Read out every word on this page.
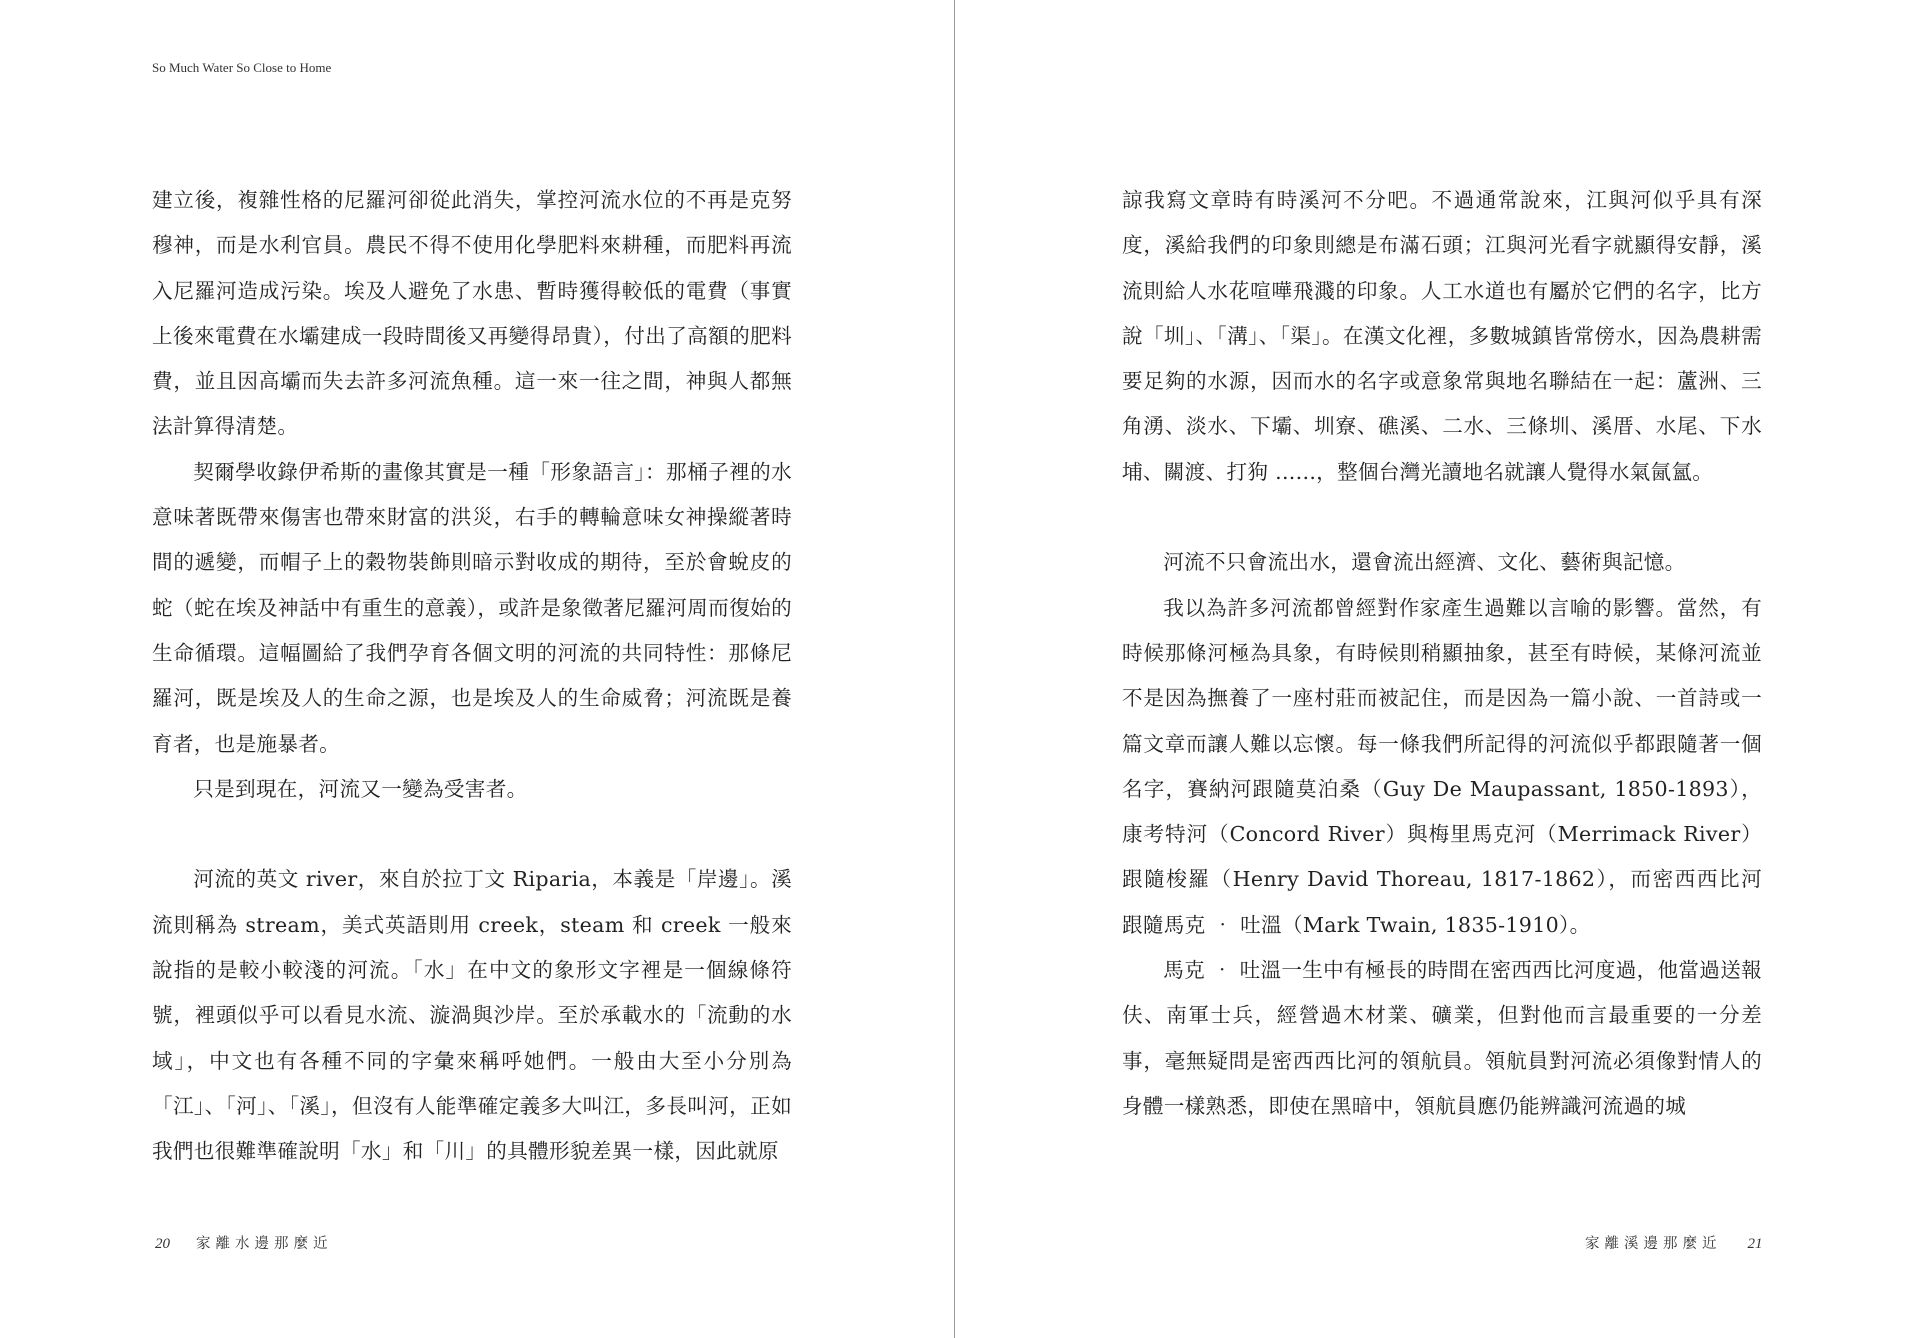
So Much Water So Close to Home

建立後，複雜性格的尼羅河卻從此消失，掌控河流水位的不再是克努穆神，而是水利官員。農民不得不使用化學肥料來耕種，而肥料再流入尼羅河造成污染。埃及人避免了水患、暫時獲得較低的電費（事實上後來電費在水壩建成一段時間後又再變得昂貴），付出了高額的肥料費，並且因高壩而失去許多河流魚種。這一來一往之間，神與人都無法計算得清楚。

契爾學收錄伊希斯的畫像其實是一種「形象語言」：那桶子裡的水意味著既帶來傷害也帶來財富的洪災，右手的轉輪意味女神操縱著時間的遞變，而帽子上的穀物裝飾則暗示對收成的期待，至於會蛻皮的蛇（蛇在埃及神話中有重生的意義），或許是象徵著尼羅河周而復始的生命循環。這幅圖給了我們孕育各個文明的河流的共同特性：那條尼羅河，既是埃及人的生命之源，也是埃及人的生命威脅；河流既是養育者，也是施暴者。

只是到現在，河流又一變為受害者。

河流的英文 river，來自於拉丁文 Riparia，本義是「岸邊」。溪流則稱為 stream，美式英語則用 creek，steam 和 creek 一般來說指的是較小較淺的河流。「水」在中文的象形文字裡是一個線條符號，裡頭似乎可以看見水流、漩渦與沙岸。至於承載水的「流動的水域」，中文也有各種不同的字彙來稱呼她們。一般由大至小分別為「江」、「河」、「溪」，但沒有人能準確定義多大叫江，多長叫河，正如我們也很難準確說明「水」和「川」的具體形貌差異一樣，因此就原

20 家離水邊那麼近

諒我寫文章時有時溪河不分吧。不過通常說來，江與河似乎具有深度，溪給我們的印象則總是布滿石頭；江與河光看字就顯得安靜，溪流則給人水花喧嘩飛濺的印象。人工水道也有屬於它們的名字，比方說「圳」、「溝」、「渠」。在漢文化裡，多數城鎮皆常傍水，因為農耕需要足夠的水源，因而水的名字或意象常與地名聯結在一起：蘆洲、三角湧、淡水、下壩、圳寮、礁溪、二水、三條圳、溪厝、水尾、下水埔、關渡、打狗 ......，整個台灣光讀地名就讓人覺得水氣氤氳。

河流不只會流出水，還會流出經濟、文化、藝術與記憶。

我以為許多河流都曾經對作家產生過難以言喻的影響。當然，有時候那條河極為具象，有時候則稍顯抽象，甚至有時候，某條河流並不是因為撫養了一座村莊而被記住，而是因為一篇小說、一首詩或一篇文章而讓人難以忘懷。每一條我們所記得的河流似乎都跟隨著一個名字，賽納河跟隨莫泊桑（Guy De Maupassant, 1850-1893），康考特河（Concord River）與梅里馬克河（Merrimack River）跟隨梭羅（Henry David Thoreau, 1817-1862），而密西西比河跟隨馬克 ‧ 吐溫（Mark Twain, 1835-1910）。

馬克 ‧ 吐溫一生中有極長的時間在密西西比河度過，他當過送報伕、南軍士兵，經營過木材業、礦業，但對他而言最重要的一分差事，毫無疑問是密西西比河的領航員。領航員對河流必須像對情人的身體一樣熟悉，即使在黑暗中，領航員應仍能辨識河流過的城

家離溪邊那麼近 21
